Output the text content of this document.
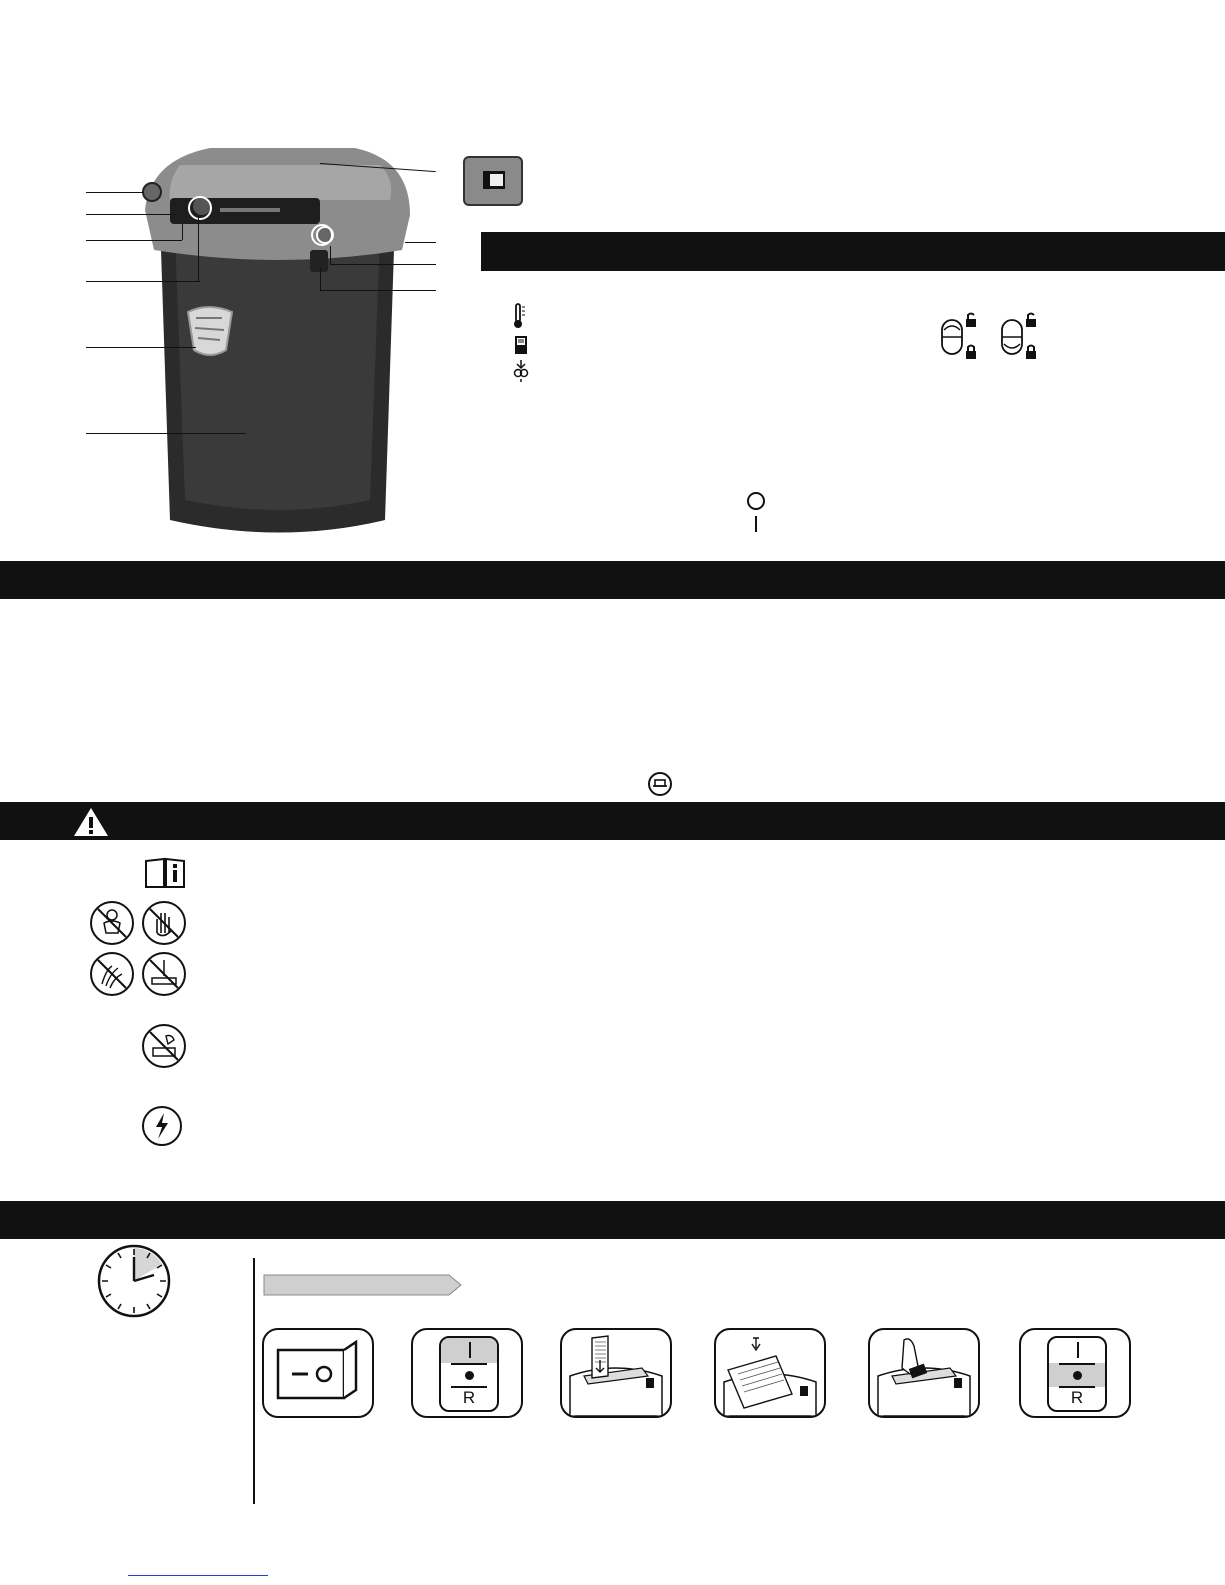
R	R
